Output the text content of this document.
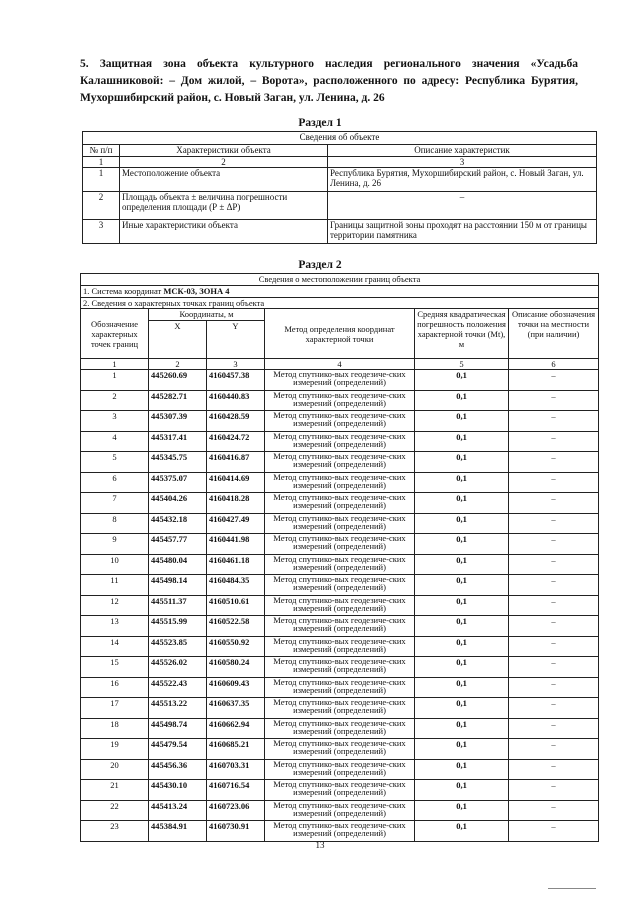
5. Защитная зона объекта культурного наследия регионального значения «Усадьба Калашниковой: – Дом жилой, – Ворота», расположенного по адресу: Республика Бурятия, Мухоршибирский район, с. Новый Заган, ул. Ленина, д. 26
Раздел 1
Сведения об объекте		
№ п/п	Характеристики объекта	Описание характеристик
1	2	3
1	Местоположение объекта	Республика Бурятия, Мухоршибирский район, с. Новый Заган, ул. Ленина, д. 26
2	Площадь объекта ± величина погрешности определения площади (Р ± ΔР)	–
3	Иные характеристики объекта	Границы защитной зоны проходят на расстоянии 150 м от границы территории памятника
Раздел 2
Сведения о местоположении границ объекта					
1. Система координат МСК-03, ЗОНА 4					
2. Сведения о характерных точках границ объекта					
Обозначение характерных точек границ	Координаты, м		Метод определения координат характерной точки	Средняя квадратическая погрешность положения характерной точки (Mt), м	Описание обозначения точки на местности (при наличии)
	X	Y			
1	2	3	4	5	6
1	445260.69	4160457.38	Метод спутнико-вых геодезиче-ских измерений (определений)	0,1	–
2	445282.71	4160440.83	Метод спутнико-вых геодезиче-ских измерений (определений)	0,1	–
3	445307.39	4160428.59	Метод спутнико-вых геодезиче-ских измерений (определений)	0,1	–
4	445317.41	4160424.72	Метод спутнико-вых геодезиче-ских измерений (определений)	0,1	–
5	445345.75	4160416.87	Метод спутнико-вых геодезиче-ских измерений (определений)	0,1	–
6	445375.07	4160414.69	Метод спутнико-вых геодезиче-ских измерений (определений)	0,1	–
7	445404.26	4160418.28	Метод спутнико-вых геодезиче-ских измерений (определений)	0,1	–
8	445432.18	4160427.49	Метод спутнико-вых геодезиче-ских измерений (определений)	0,1	–
9	445457.77	4160441.98	Метод спутнико-вых геодезиче-ских измерений (определений)	0,1	–
10	445480.04	4160461.18	Метод спутнико-вых геодезиче-ских измерений (определений)	0,1	–
11	445498.14	4160484.35	Метод спутнико-вых геодезиче-ских измерений (определений)	0,1	–
12	445511.37	4160510.61	Метод спутнико-вых геодезиче-ских измерений (определений)	0,1	–
13	445515.99	4160522.58	Метод спутнико-вых геодезиче-ских измерений (определений)	0,1	–
14	445523.85	4160550.92	Метод спутнико-вых геодезиче-ских измерений (определений)	0,1	–
15	445526.02	4160580.24	Метод спутнико-вых геодезиче-ских измерений (определений)	0,1	–
16	445522.43	4160609.43	Метод спутнико-вых геодезиче-ских измерений (определений)	0,1	–
17	445513.22	4160637.35	Метод спутнико-вых геодезиче-ских измерений (определений)	0,1	–
18	445498.74	4160662.94	Метод спутнико-вых геодезиче-ских измерений (определений)	0,1	–
19	445479.54	4160685.21	Метод спутнико-вых геодезиче-ских измерений (определений)	0,1	–
20	445456.36	4160703.31	Метод спутнико-вых геодезиче-ских измерений (определений)	0,1	–
21	445430.10	4160716.54	Метод спутнико-вых геодезиче-ских измерений (определений)	0,1	–
22	445413.24	4160723.06	Метод спутнико-вых геодезиче-ских измерений (определений)	0,1	–
23	445384.91	4160730.91	Метод спутнико-вых геодезиче-ских измерений (определений)	0,1	–
13
